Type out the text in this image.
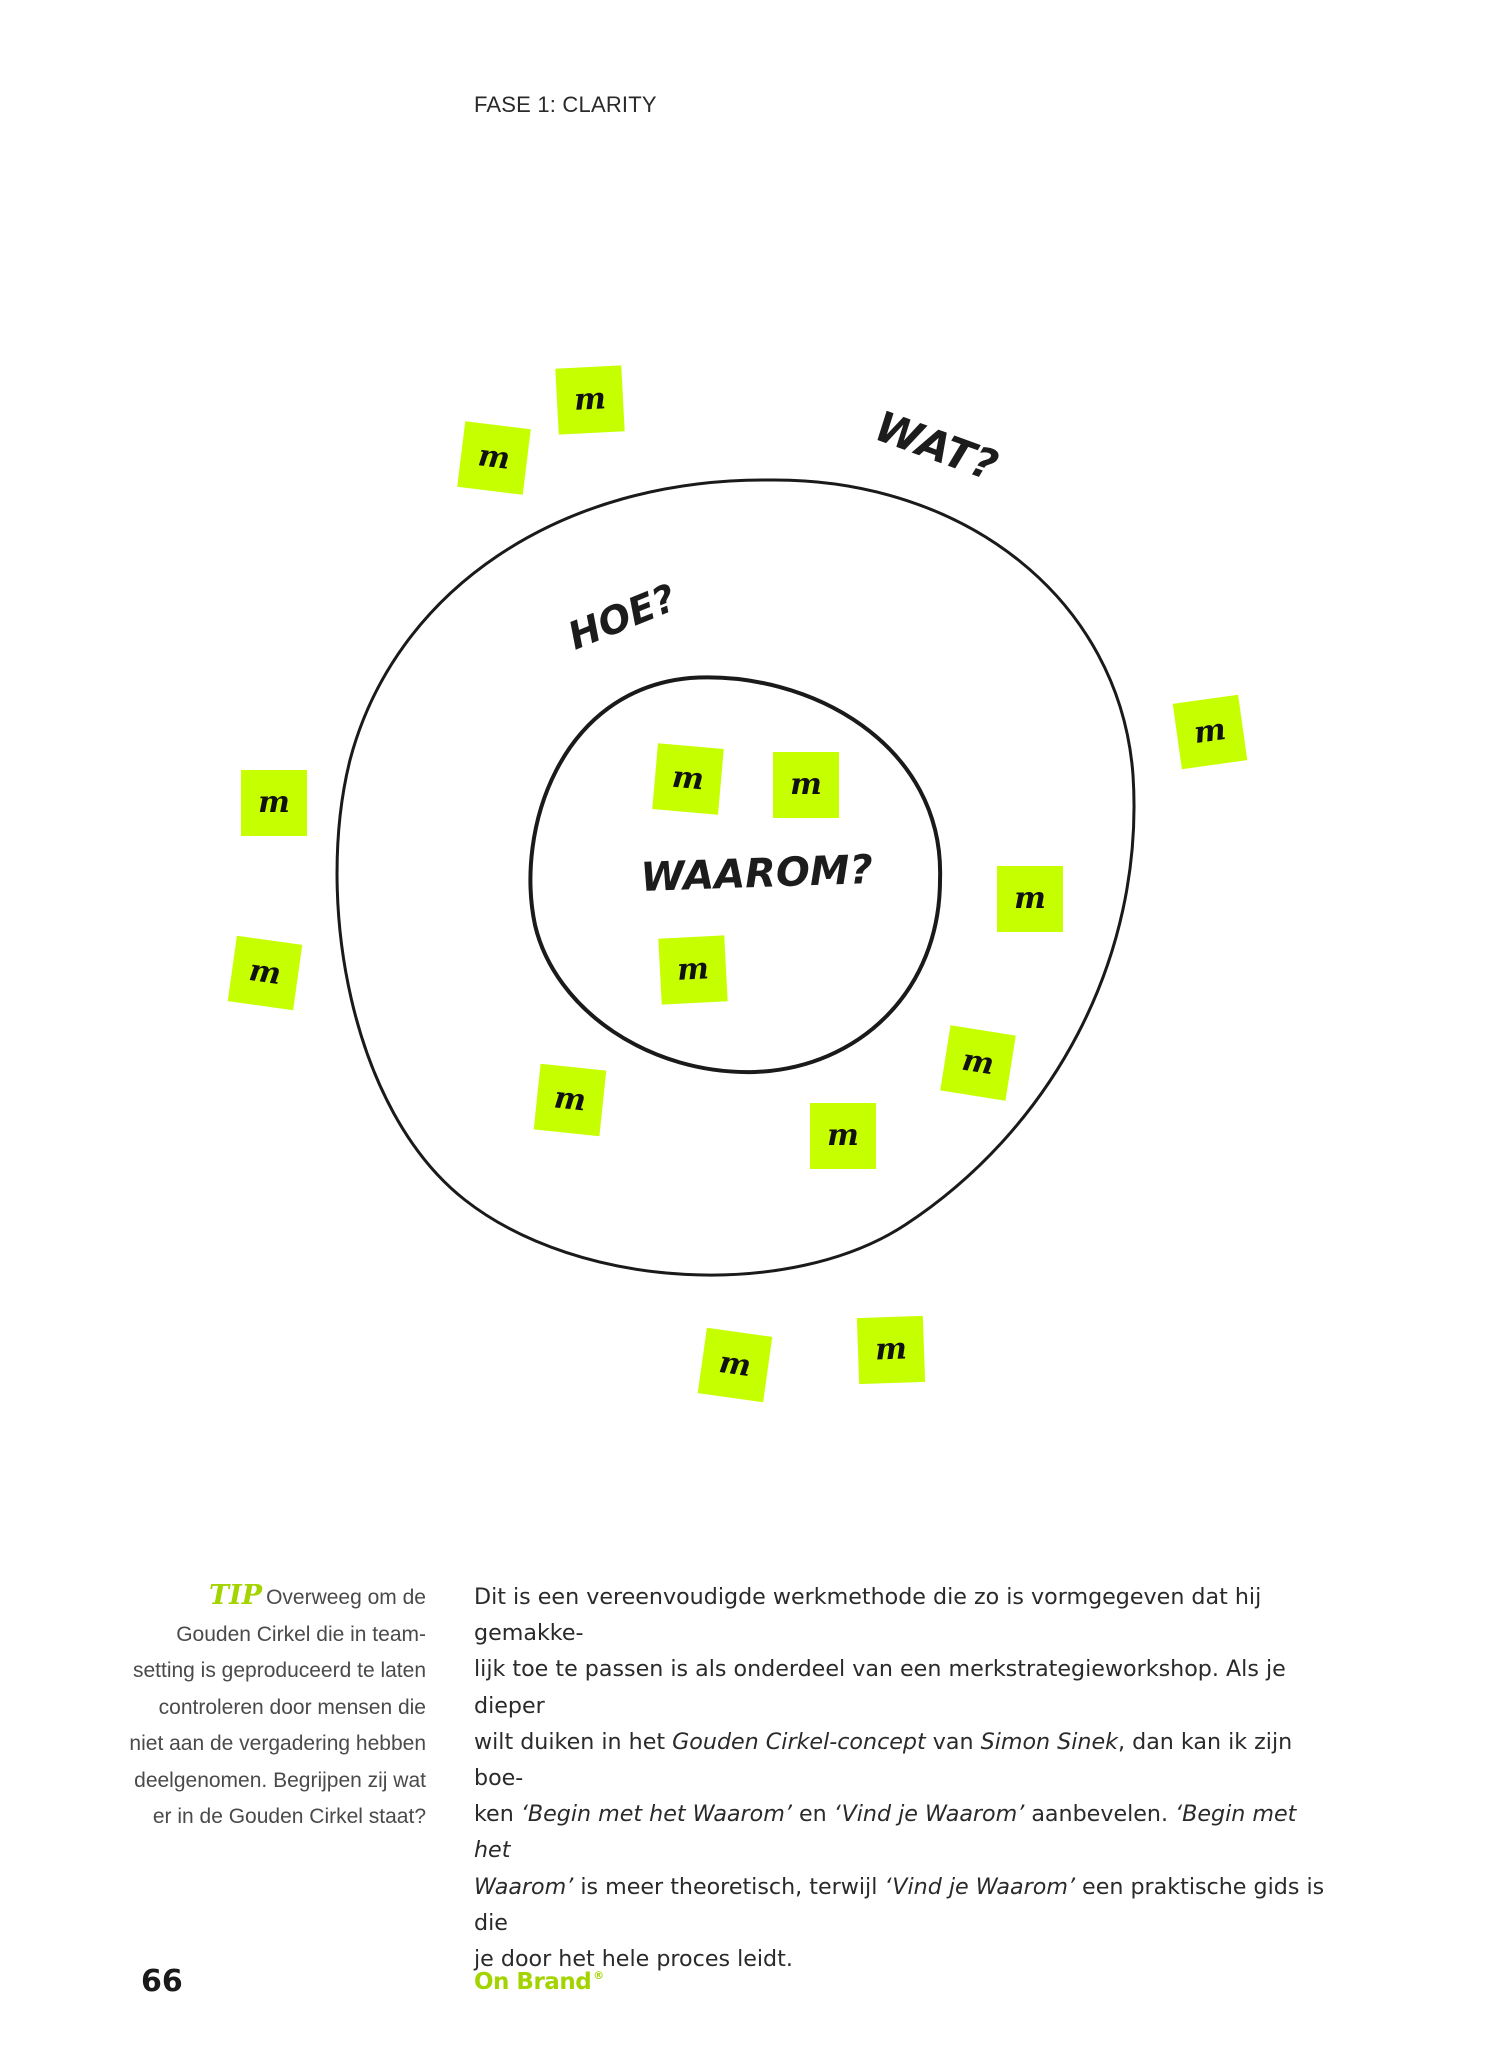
FASE 1: CLARITY
WAT?
HOE?
WAAROM?
m
m
m
m
m
m	m
m
m
m
m
m
m	m
TIP Overweeg om de
Gouden Cirkel die in team-
setting is geproduceerd te laten
controleren door mensen die
niet aan de vergadering hebben
deelgenomen. Begrijpen zij wat
er in de Gouden Cirkel staat?
Dit is een vereenvoudigde werkmethode die zo is vormgegeven dat hij gemakke-
lijk toe te passen is als onderdeel van een merkstrategieworkshop. Als je dieper
wilt duiken in het Gouden Cirkel-concept van Simon Sinek, dan kan ik zijn boe-
ken ‘Begin met het Waarom’ en ‘Vind je Waarom’ aanbevelen. ‘Begin met het
Waarom’ is meer theoretisch, terwijl ‘Vind je Waarom’ een praktische gids is die
je door het hele proces leidt.
66	On Brand ®
